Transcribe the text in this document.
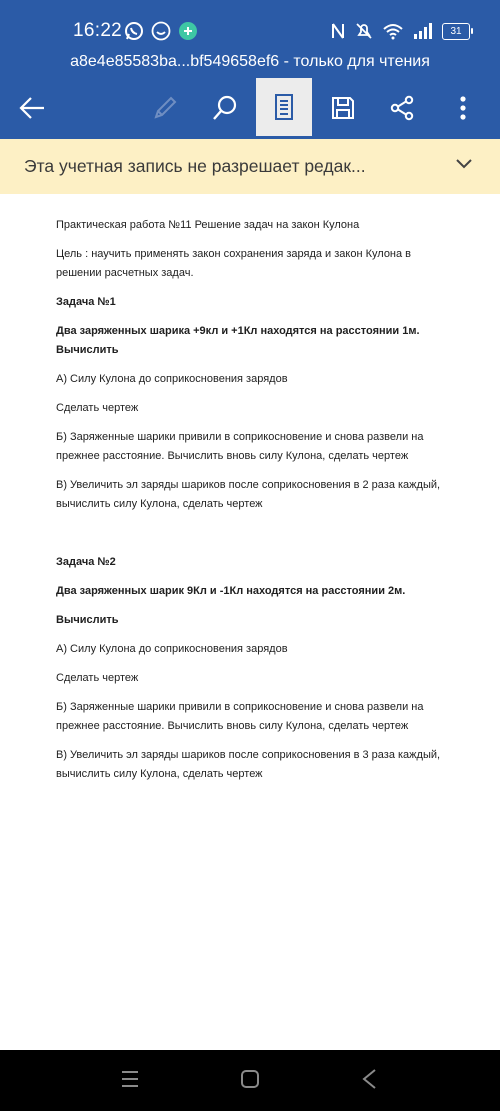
16:22	31
a8e4e85583ba...bf549658ef6 - только для чтения
Эта учетная запись не разрешает редак...

Практическая работа №11 Решение задач на закон Кулона

Цель : научить применять закон сохранения заряда и закон Кулона в решении расчетных задач.

Задача №1

Два заряженных шарика +9кл и +1Кл находятся на расстоянии 1м. Вычислить

А) Силу Кулона до соприкосновения зарядов

Сделать чертеж

Б) Заряженные шарики привили в соприкосновение и снова развели на прежнее расстояние. Вычислить вновь силу Кулона, сделать чертеж

В) Увеличить эл заряды шариков после соприкосновения в 2 раза каждый, вычислить силу Кулона, сделать чертеж

Задача №2

Два заряженных шарик 9Кл и -1Кл находятся на расстоянии 2м.

Вычислить

А) Силу Кулона до соприкосновения зарядов

Сделать чертеж

Б) Заряженные шарики привили в соприкосновение и снова развели на прежнее расстояние. Вычислить вновь силу Кулона, сделать чертеж

В) Увеличить эл заряды шариков после соприкосновения в 3 раза каждый, вычислить силу Кулона, сделать чертеж
